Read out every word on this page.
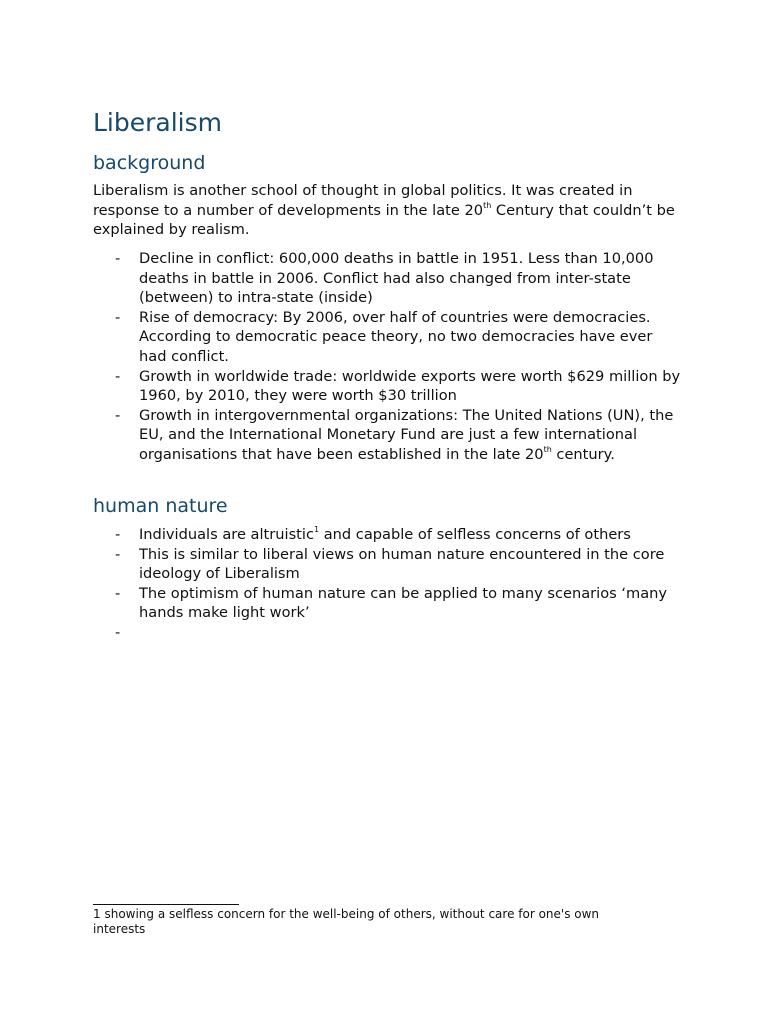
Liberalism
background

Liberalism is another school of thought in global politics. It was created in response to a number of developments in the late 20th Century that couldn’t be explained by realism.

- Decline in conflict: 600,000 deaths in battle in 1951. Less than 10,000 deaths in battle in 2006. Conflict had also changed from inter-state (between) to intra-state (inside)
- Rise of democracy: By 2006, over half of countries were democracies. According to democratic peace theory, no two democracies have ever had conflict.
- Growth in worldwide trade: worldwide exports were worth $629 million by 1960, by 2010, they were worth $30 trillion
- Growth in intergovernmental organizations: The United Nations (UN), the EU, and the International Monetary Fund are just a few international organisations that have been established in the late 20th century.
human nature
- Individuals are altruistic$^1$ and capable of selfless concerns of others
- This is similar to liberal views on human nature encountered in the core ideology of Liberalism
- The optimism of human nature can be applied to many scenarios ‘many hands make light work’
-

1 showing a selfless concern for the well-being of others, without care for one's own interests
